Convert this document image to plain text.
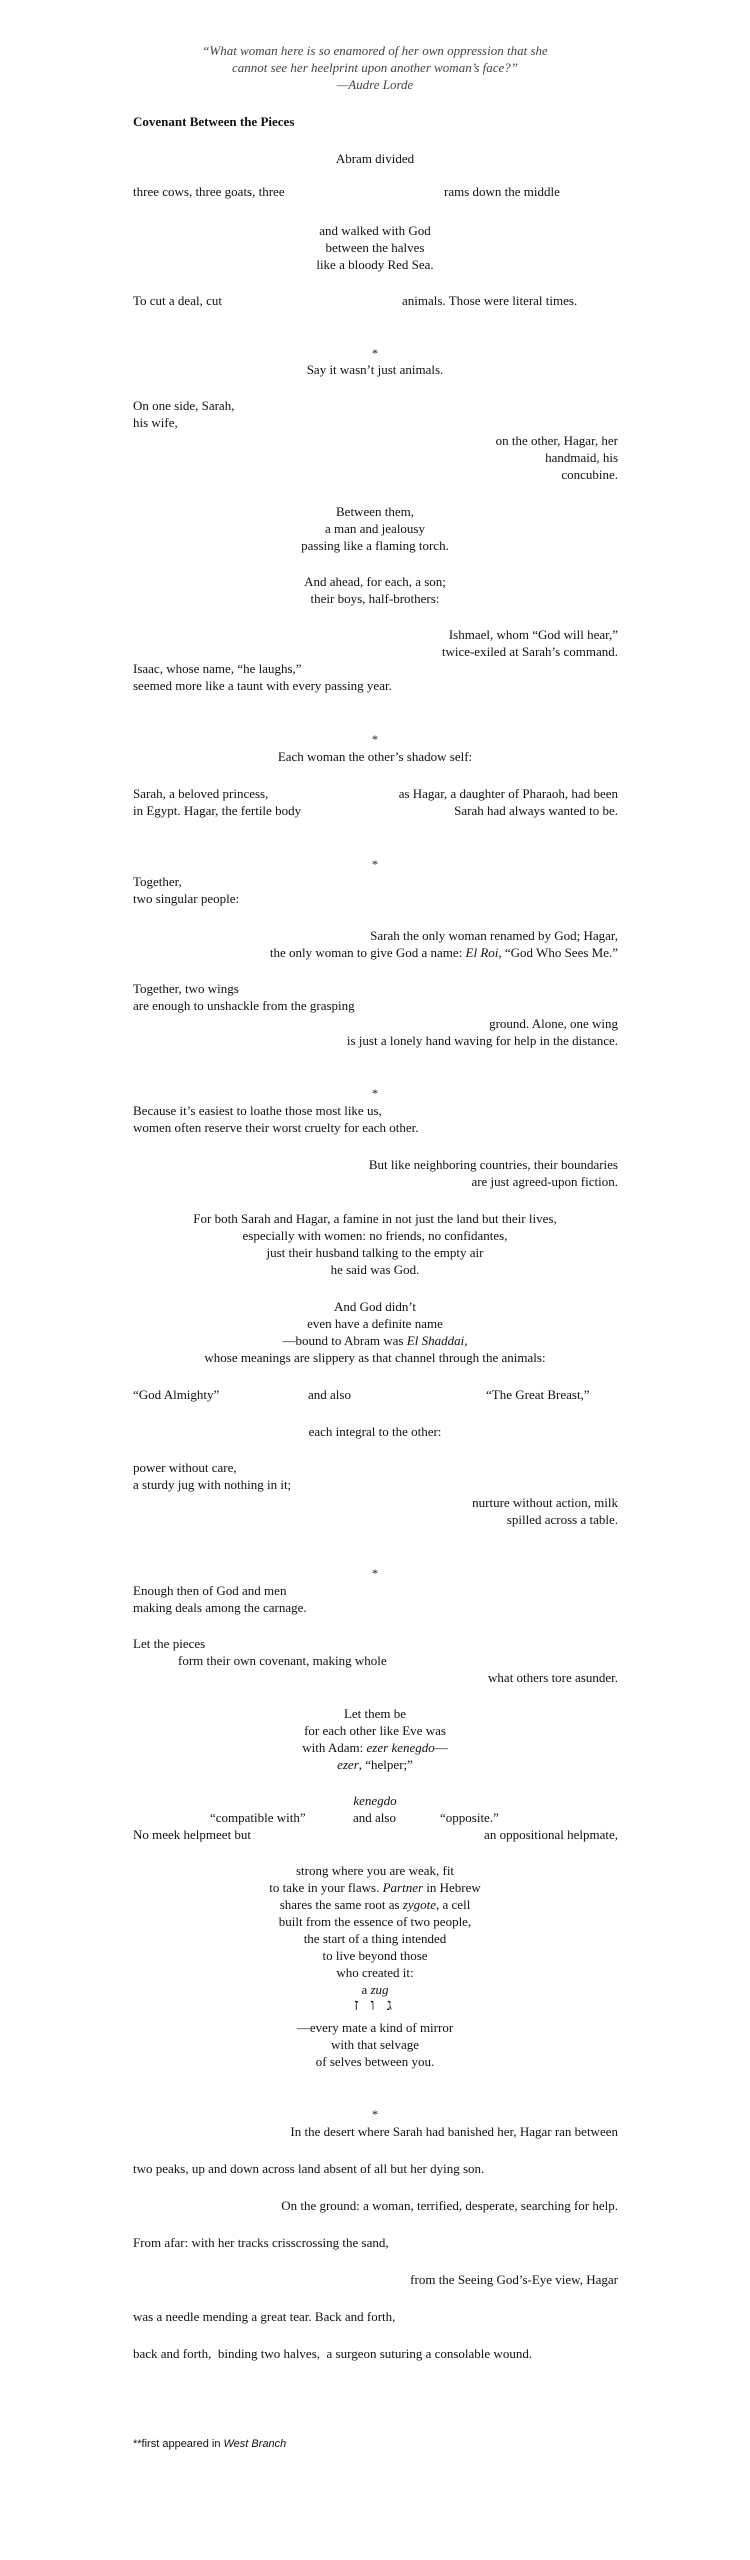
“What woman here is so enamored of her own oppression that she
cannot see her heelprint upon another woman’s face?”
—Audre Lorde
Covenant Between the Pieces
Abram divided
three cows, three goats, three	rams down the middle
and walked with God
between the halves
like a bloody Red Sea.
To cut a deal, cut	animals. Those were literal times.
*
Say it wasn’t just animals.
On one side, Sarah,
his wife,
on the other, Hagar, her
handmaid, his
concubine.
Between them,
a man and jealousy
passing like a flaming torch.
And ahead, for each, a son;
their boys, half-brothers:
Ishmael, whom “God will hear,”
twice-exiled at Sarah’s command.
Isaac, whose name, “he laughs,”
seemed more like a taunt with every passing year.
*
Each woman the other’s shadow self:
Sarah, a beloved princess,	as Hagar, a daughter of Pharaoh, had been
in Egypt. Hagar, the fertile body	Sarah had always wanted to be.
*
Together,
two singular people:
Sarah the only woman renamed by God; Hagar,
the only woman to give God a name: El Roi, “God Who Sees Me.”
Together, two wings
are enough to unshackle from the grasping
ground. Alone, one wing
is just a lonely hand waving for help in the distance.
*
Because it’s easiest to loathe those most like us,
women often reserve their worst cruelty for each other.
But like neighboring countries, their boundaries
are just agreed-upon fiction.
For both Sarah and Hagar, a famine in not just the land but their lives,
especially with women: no friends, no confidantes,
just their husband talking to the empty air
he said was God.
And God didn’t
even have a definite name
—bound to Abram was El Shaddai,
whose meanings are slippery as that channel through the animals:
“God Almighty”	and also	“The Great Breast,”
each integral to the other:
power without care,
a sturdy jug with nothing in it;
nurture without action, milk
spilled across a table.
*
Enough then of God and men
making deals among the carnage.
Let the pieces
form their own covenant, making whole
what others tore asunder.
Let them be
for each other like Eve was
with Adam: ezer kenegdo—
ezer, “helper;”
kenegdo
“compatible with”	and also	“opposite.”
No meek helpmeet but	an oppositional helpmate,
strong where you are weak, fit
to take in your flaws. Partner in Hebrew
shares the same root as zygote, a cell
built from the essence of two people,
the start of a thing intended
to live beyond those
who created it:
a zug
ג ו ז
—every mate a kind of mirror
with that selvage
of selves between you.
*
In the desert where Sarah had banished her, Hagar ran between
two peaks, up and down across land absent of all but her dying son.
On the ground: a woman, terrified, desperate, searching for help.
From afar: with her tracks crisscrossing the sand,
from the Seeing God’s-Eye view, Hagar
was a needle mending a great tear. Back and forth,
back and forth,  binding two halves,  a surgeon suturing a consolable wound.
**first appeared in West Branch
